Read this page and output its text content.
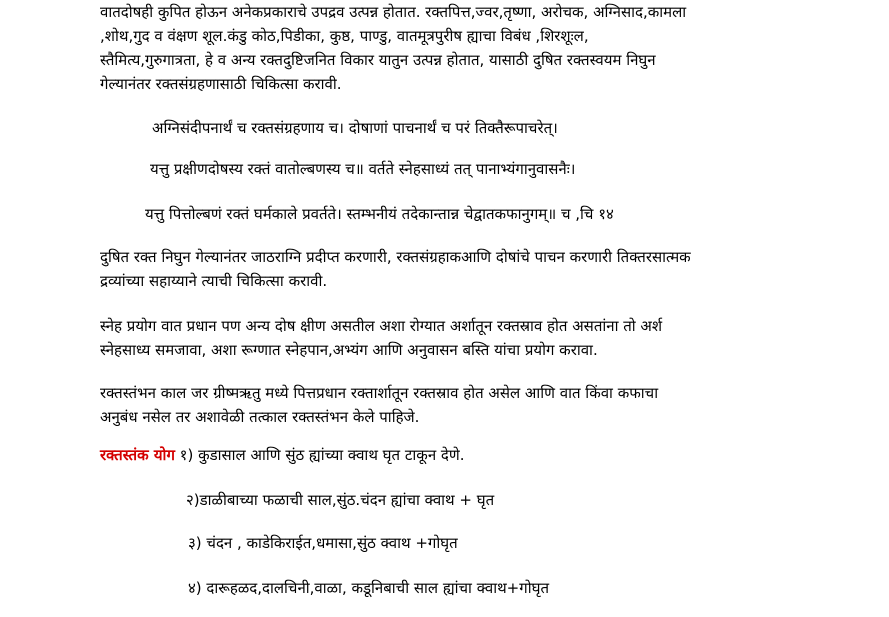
वातदोषही कुपित होऊन अनेकप्रकाराचे उपद्रव उत्पन्न होतात. रक्तपित्त,ज्वर,तृष्णा, अरोचक, अग्निसाद,कामला
,शोथ,गुद व वंक्षण शूल.कंडु कोठ,पिडीका, कुष्ठ, पाण्डु, वातमूत्रपुरीष ह्याचा विबंध ,शिरशूःल,
स्तैमित्य,गुरुगात्रता, हे व अन्य रक्तदुष्टिजनित विकार यातुन उत्पन्न होतात, यासाठी दुषित रक्तस्वयम निघुन
गेल्यानंतर रक्तसंग्रहणासाठी चिकित्सा करावी.
अग्निसंदीपनार्थं च रक्तसंग्रहणाय च। दोषाणां पाचनार्थं च परं तिक्तैरूपाचरेत्।
यत्तु प्रक्षीणदोषस्य रक्तं वातोल्बणस्य च॥ वर्तते स्नेहसाध्यं तत् पानाभ्यंगानुवासनैः।
यत्तु पित्तोल्बणं रक्तं घर्मकाले प्रवर्तते। स्तम्भनीयं तदेकान्तान्न चेद्वातकफानुगम्॥ च ,चि १४
दुषित रक्त निघुन गेल्यानंतर जाठराग्नि प्रदीप्त करणारी, रक्तसंग्रहाकआणि दोषांचे पाचन करणारी तिक्तरसात्मक
द्रव्यांच्या सहाय्याने त्याची चिकित्सा करावी.
स्नेह प्रयोग वात प्रधान पण अन्य दोष क्षीण असतील अशा रोग्यात अर्शातून रक्तस्राव होत असतांना तो अर्श
स्नेहसाध्य समजावा, अशा रूग्णात स्नेहपान,अभ्यंग आणि अनुवासन बस्ति यांचा प्रयोग करावा.
रक्तस्तंभन काल जर ग्रीष्मऋतु मध्ये पित्तप्रधान रक्तार्शातून रक्तस्राव होत असेल आणि वात किंवा कफाचा
अनुबंध नसेल तर अशावेळी तत्काल रक्तस्तंभन केले पाहिजे.
रक्तस्तंक योग १) कुडासाल आणि सुंठ ह्यांच्या क्वाथ घृत टाकून देणे.
२)डाळीबाच्या फळाची साल,सुंठ.चंदन ह्यांचा क्वाथ + घृत
३) चंदन , काडेकिराईत,धमासा,सुंठ क्वाथ +गोघृत
४) दारूहळद,दालचिनी,वाळा, कडूनिबाची साल ह्यांचा क्वाथ+गोघृत
